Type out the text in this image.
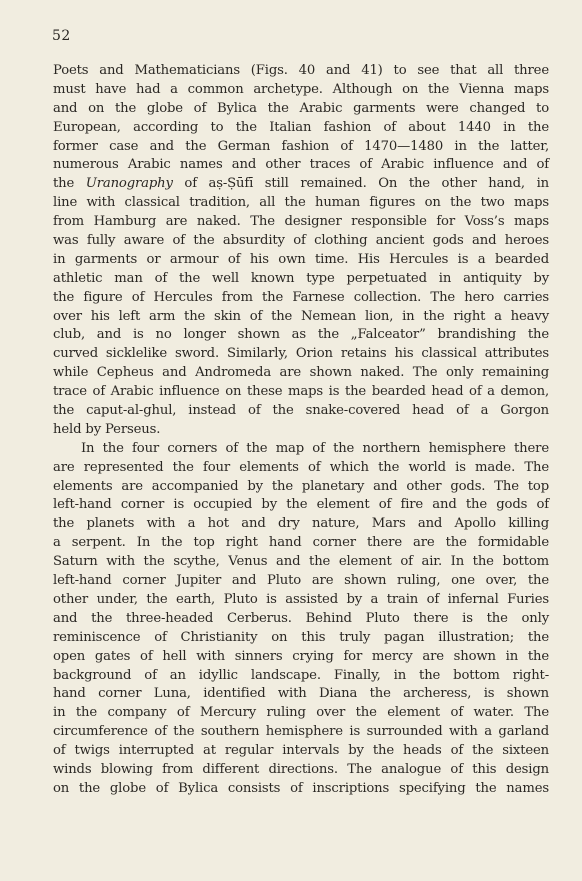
52
Poets and Mathematicians (Figs. 40 and 41) to see that all three
must have had a common archetype. Although on the Vienna maps
and on the globe of Bylica the Arabic garments were changed to
European, according to the Italian fashion of about 1440 in the
former case and the German fashion of 1470—1480 in the latter,
numerous Arabic names and other traces of Arabic influence and of
the Uranography of aṣ-Ṣūfī still remained. On the other hand, in
line with classical tradition, all the human figures on the two maps
from Hamburg are naked. The designer responsible for Voss’s maps
was fully aware of the absurdity of clothing ancient gods and heroes
in garments or armour of his own time. His Hercules is a bearded
athletic man of the well known type perpetuated in antiquity by
the figure of Hercules from the Farnese collection. The hero carries
over his left arm the skin of the Nemean lion, in the right a heavy
club, and is no longer shown as the „Falceator” brandishing the
curved sicklelike sword. Similarly, Orion retains his classical attributes
while Cepheus and Andromeda are shown naked. The only remaining
trace of Arabic influence on these maps is the bearded head of a demon,
the caput-al-ghul, instead of the snake-covered head of a Gorgon
held by Perseus.
In the four corners of the map of the northern hemisphere there
are represented the four elements of which the world is made. The
elements are accompanied by the planetary and other gods. The top
left-hand corner is occupied by the element of fire and the gods of
the planets with a hot and dry nature, Mars and Apollo killing
a serpent. In the top right hand corner there are the formidable
Saturn with the scythe, Venus and the element of air. In the bottom
left-hand corner Jupiter and Pluto are shown ruling, one over, the
other under, the earth, Pluto is assisted by a train of infernal Furies
and the three-headed Cerberus. Behind Pluto there is the only
reminiscence of Christianity on this truly pagan illustration; the
open gates of hell with sinners crying for mercy are shown in the
background of an idyllic landscape. Finally, in the bottom right-
hand corner Luna, identified with Diana the archeress, is shown
in the company of Mercury ruling over the element of water. The
circumference of the southern hemisphere is surrounded with a garland
of twigs interrupted at regular intervals by the heads of the sixteen
winds blowing from different directions. The analogue of this design
on the globe of Bylica consists of inscriptions specifying the names
